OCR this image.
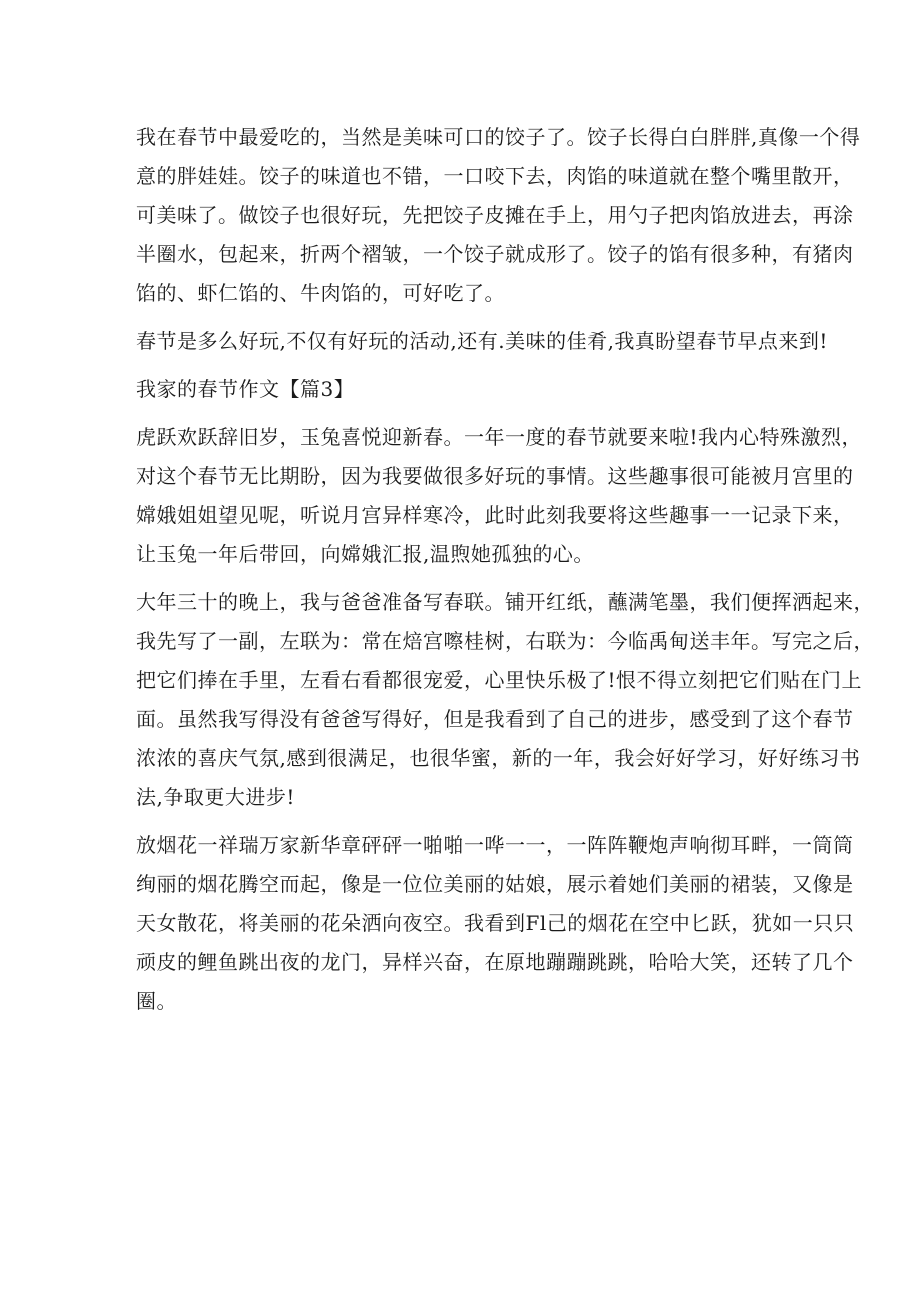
我在春节中最爱吃的，当然是美味可口的饺子了。饺子长得白白胖胖,真像一个得
意的胖娃娃。饺子的味道也不错，一口咬下去，肉馅的味道就在整个嘴里散开，
可美味了。做饺子也很好玩，先把饺子皮摊在手上，用勺子把肉馅放进去，再涂
半圈水，包起来，折两个褶皱，一个饺子就成形了。饺子的馅有很多种，有猪肉
馅的、虾仁馅的、牛肉馅的，可好吃了。

春节是多么好玩,不仅有好玩的活动,还有.美味的佳肴,我真盼望春节早点来到!

我家的春节作文【篇3】

虎跃欢跃辞旧岁，玉兔喜悦迎新春。一年一度的春节就要来啦!我内心特殊激烈，
对这个春节无比期盼，因为我要做很多好玩的事情。这些趣事很可能被月宫里的
嫦娥姐姐望见呢，听说月宫异样寒冷，此时此刻我要将这些趣事一一记录下来，
让玉兔一年后带回，向嫦娥汇报,温煦她孤独的心。

大年三十的晚上，我与爸爸准备写春联。铺开红纸，蘸满笔墨，我们便挥洒起来，
我先写了一副，左联为：常在焙宫嚓桂树，右联为：今临禹甸送丰年。写完之后，
把它们捧在手里，左看右看都很宠爱，心里快乐极了!恨不得立刻把它们贴在门上
面。虽然我写得没有爸爸写得好，但是我看到了自己的进步，感受到了这个春节
浓浓的喜庆气氛,感到很满足，也很华蜜，新的一年，我会好好学习，好好练习书
法,争取更大进步!

放烟花一祥瑞万家新华章砰砰一啪啪一哗一一，一阵阵鞭炮声响彻耳畔，一筒筒
绚丽的烟花腾空而起，像是一位位美丽的姑娘，展示着她们美丽的裙装，又像是
天女散花，将美丽的花朵洒向夜空。我看到Fl己的烟花在空中匕跃，犹如一只只
顽皮的鲤鱼跳出夜的龙门，异样兴奋，在原地蹦蹦跳跳，哈哈大笑，还转了几个
圈。
